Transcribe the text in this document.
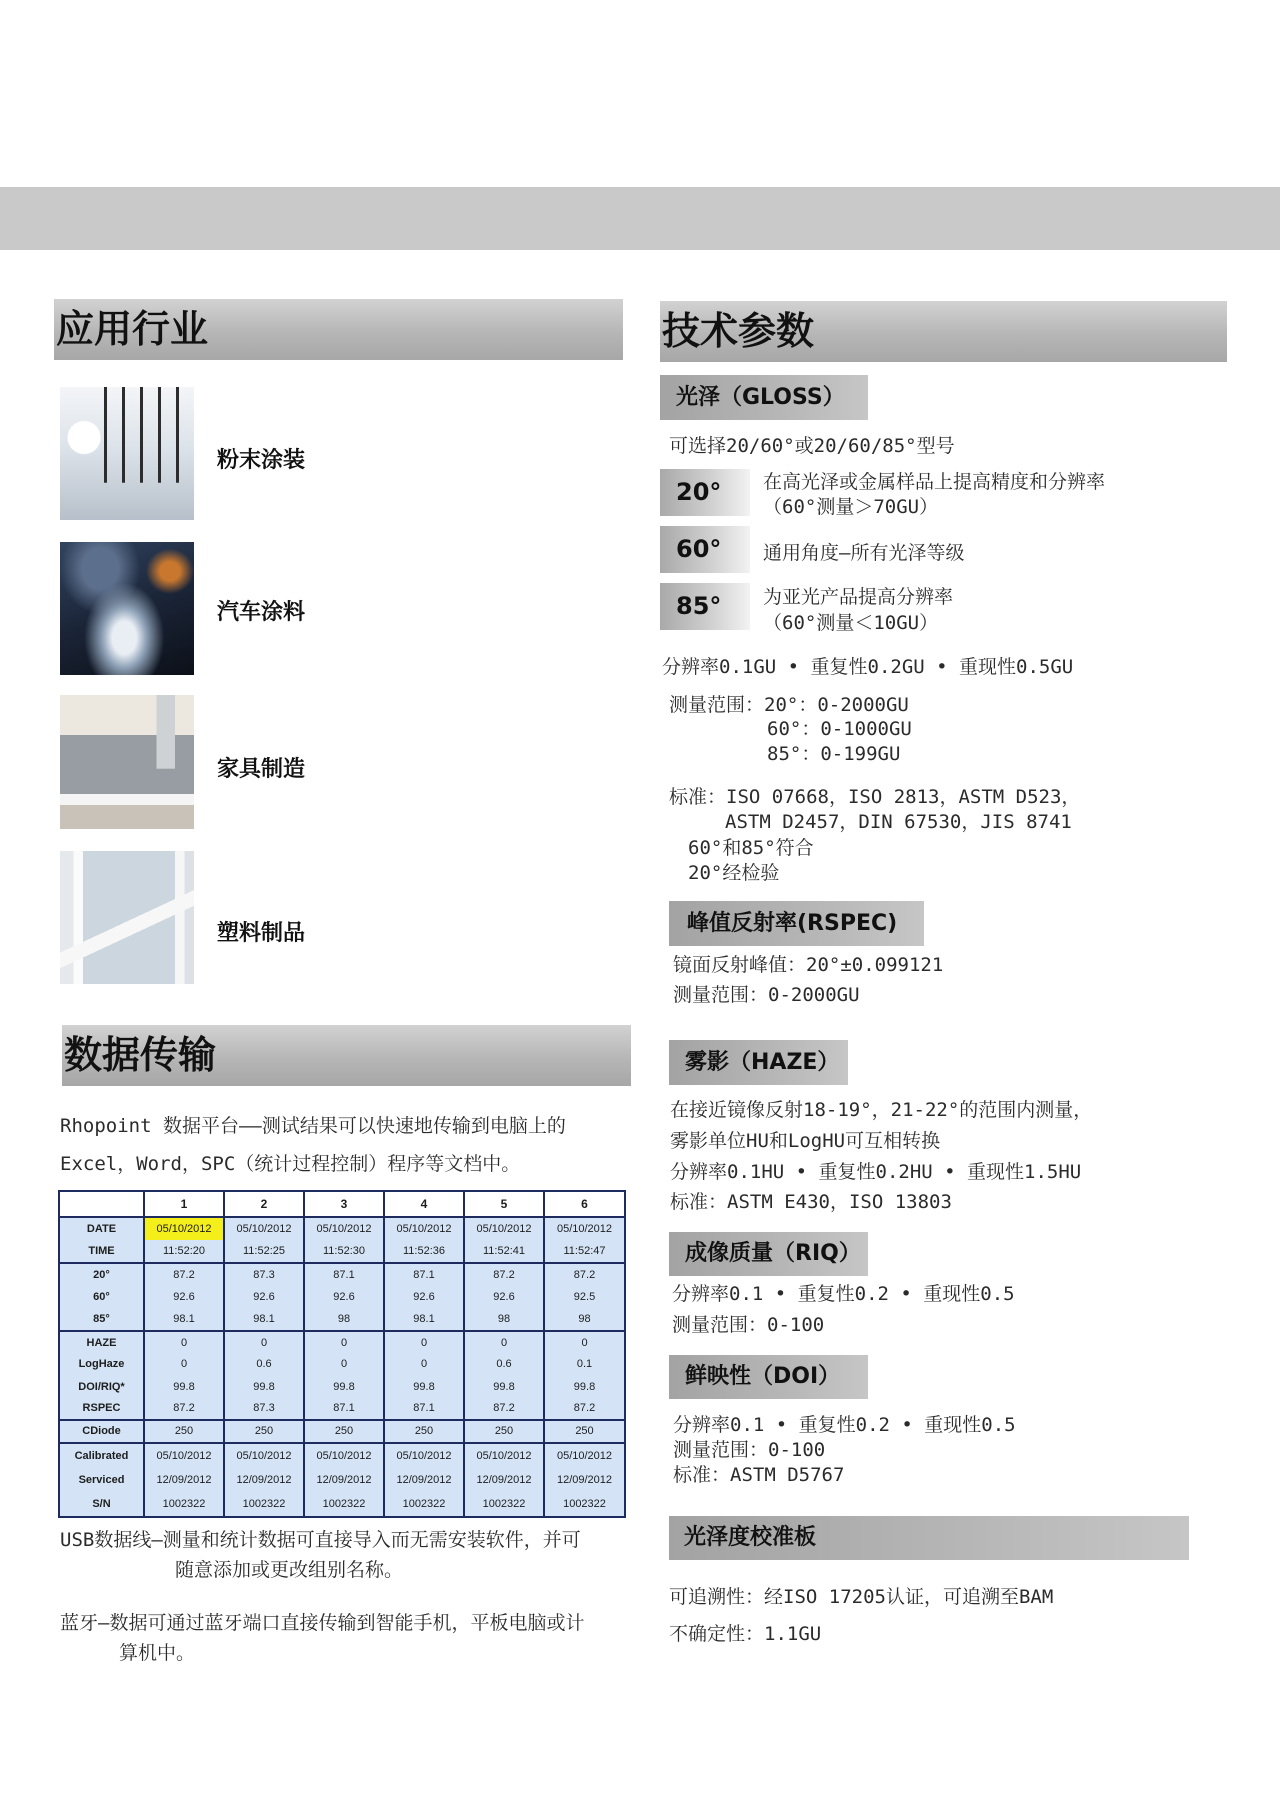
应用行业
粉末涂装
汽车涂料
家具制造
塑料制品
数据传输
Rhopoint 数据平台——测试结果可以快速地传输到电脑上的
Excel，Word，SPC（统计过程控制）程序等文档中。
	1	2	3	4	5	6
DATE	05/10/2012	05/10/2012	05/10/2012	05/10/2012	05/10/2012	05/10/2012
TIME	11:52:20	11:52:25	11:52:30	11:52:36	11:52:41	11:52:47
20°	87.2	87.3	87.1	87.1	87.2	87.2
60°	92.6	92.6	92.6	92.6	92.6	92.5
85°	98.1	98.1	98	98.1	98	98
HAZE	0	0	0	0	0	0
LogHaze	0	0.6	0	0	0.6	0.1
DOI/RIQ*	99.8	99.8	99.8	99.8	99.8	99.8
RSPEC	87.2	87.3	87.1	87.1	87.2	87.2
CDiode	250	250	250	250	250	250
Calibrated	05/10/2012	05/10/2012	05/10/2012	05/10/2012	05/10/2012	05/10/2012
Serviced	12/09/2012	12/09/2012	12/09/2012	12/09/2012	12/09/2012	12/09/2012
S/N	1002322	1002322	1002322	1002322	1002322	1002322
USB数据线—测量和统计数据可直接导入而无需安装软件，并可
随意添加或更改组别名称。
蓝牙—数据可通过蓝牙端口直接传输到智能手机，平板电脑或计
算机中。
技术参数
光泽（GLOSS）
可选择20/60°或20/60/85°型号
20°	在高光泽或金属样品上提高精度和分辨率
（60°测量＞70GU）
60°	通用角度—所有光泽等级
85°	为亚光产品提高分辨率
（60°测量＜10GU）
分辨率0.1GU • 重复性0.2GU • 重现性0.5GU
测量范围：20°：0-2000GU
60°：0-1000GU
85°：0-199GU
标准：ISO 07668，ISO 2813，ASTM D523，
ASTM D2457，DIN 67530，JIS 8741
60°和85°符合
20°经检验
峰值反射率(RSPEC)
镜面反射峰值：20°±0.099121
测量范围：0-2000GU
雾影（HAZE）
在接近镜像反射18-19°，21-22°的范围内测量，
雾影单位HU和LogHU可互相转换
分辨率0.1HU • 重复性0.2HU • 重现性1.5HU
标准：ASTM E430，ISO 13803
成像质量（RIQ）
分辨率0.1 • 重复性0.2 • 重现性0.5
测量范围：0-100
鲜映性（DOI）
分辨率0.1 • 重复性0.2 • 重现性0.5
测量范围：0-100
标准：ASTM D5767
光泽度校准板
可追溯性：经ISO 17205认证，可追溯至BAM
不确定性：1.1GU
